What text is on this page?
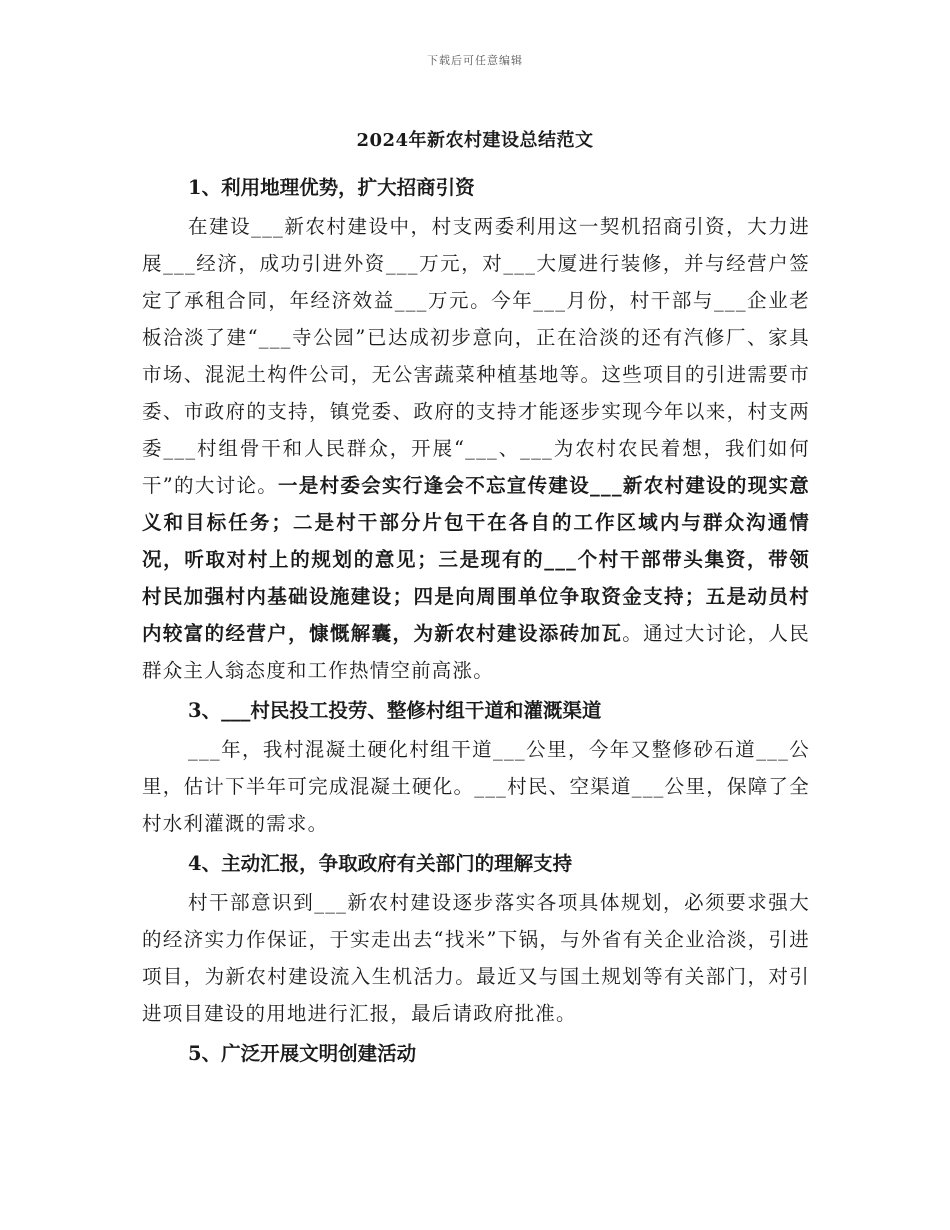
下载后可任意编辑
2024年新农村建设总结范文
1、利用地理优势，扩大招商引资

在建设___新农村建设中，村支两委利用这一契机招商引资，大力进展___经济，成功引进外资___万元，对___大厦进行装修，并与经营户签定了承租合同，年经济效益___万元。今年___月份，村干部与___企业老板洽淡了建“___寺公园”已达成初步意向，正在洽淡的还有汽修厂、家具市场、混泥土构件公司，无公害蔬菜种植基地等。这些项目的引进需要市委、市政府的支持，镇党委、政府的支持才能逐步实现今年以来，村支两委___村组骨干和人民群众，开展“___、___为农村农民着想，我们如何干”的大讨论。一是村委会实行逢会不忘宣传建设___新农村建设的现实意义和目标任务；二是村干部分片包干在各自的工作区域内与群众沟通情况，听取对村上的规划的意见；三是现有的___个村干部带头集资，带领村民加强村内基础设施建设；四是向周围单位争取资金支持；五是动员村内较富的经营户，慷慨解囊，为新农村建设添砖加瓦。通过大讨论，人民群众主人翁态度和工作热情空前高涨。

3、___村民投工投劳、整修村组干道和灌溉渠道

___年，我村混凝土硬化村组干道___公里，今年又整修砂石道___公里，估计下半年可完成混凝土硬化。___村民、空渠道___公里，保障了全村水利灌溉的需求。

4、主动汇报，争取政府有关部门的理解支持

村干部意识到___新农村建设逐步落实各项具体规划，必须要求强大的经济实力作保证，于实走出去“找米”下锅，与外省有关企业洽淡，引进项目，为新农村建设流入生机活力。最近又与国土规划等有关部门，对引进项目建设的用地进行汇报，最后请政府批准。

5、广泛开展文明创建活动
